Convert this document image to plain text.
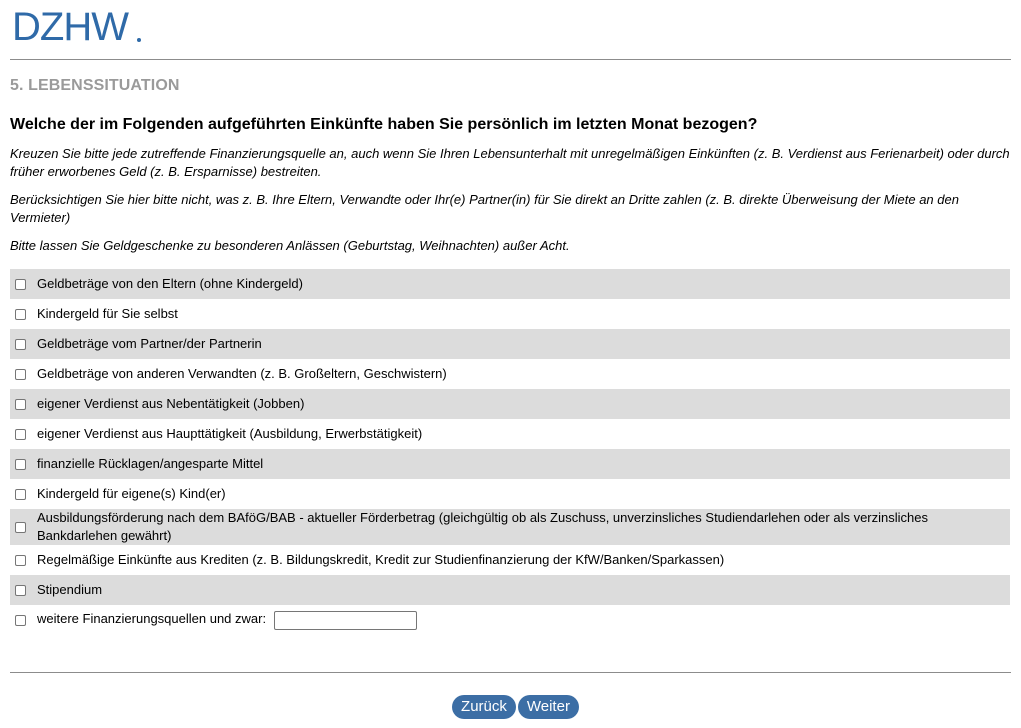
DZHW
5. LEBENSSITUATION
Welche der im Folgenden aufgeführten Einkünfte haben Sie persönlich im letzten Monat bezogen?
Kreuzen Sie bitte jede zutreffende Finanzierungsquelle an, auch wenn Sie Ihren Lebensunterhalt mit unregelmäßigen Einkünften (z. B. Verdienst aus Ferienarbeit) oder durch früher erworbenes Geld (z. B. Ersparnisse) bestreiten.
Berücksichtigen Sie hier bitte nicht, was z. B. Ihre Eltern, Verwandte oder Ihr(e) Partner(in) für Sie direkt an Dritte zahlen (z. B. direkte Überweisung der Miete an den Vermieter)
Bitte lassen Sie Geldgeschenke zu besonderen Anlässen (Geburtstag, Weihnachten) außer Acht.
Geldbeträge von den Eltern (ohne Kindergeld)
Kindergeld für Sie selbst
Geldbeträge vom Partner/der Partnerin
Geldbeträge von anderen Verwandten (z. B. Großeltern, Geschwistern)
eigener Verdienst aus Nebentätigkeit (Jobben)
eigener Verdienst aus Haupttätigkeit (Ausbildung, Erwerbstätigkeit)
finanzielle Rücklagen/angesparte Mittel
Kindergeld für eigene(s) Kind(er)
Ausbildungsförderung nach dem BAföG/BAB - aktueller Förderbetrag (gleichgültig ob als Zuschuss, unverzinsliches Studiendarlehen oder als verzinsliches Bankdarlehen gewährt)
Regelmäßige Einkünfte aus Krediten (z. B. Bildungskredit, Kredit zur Studienfinanzierung der KfW/Banken/Sparkassen)
Stipendium
weitere Finanzierungsquellen und zwar:
Zurück	Weiter
